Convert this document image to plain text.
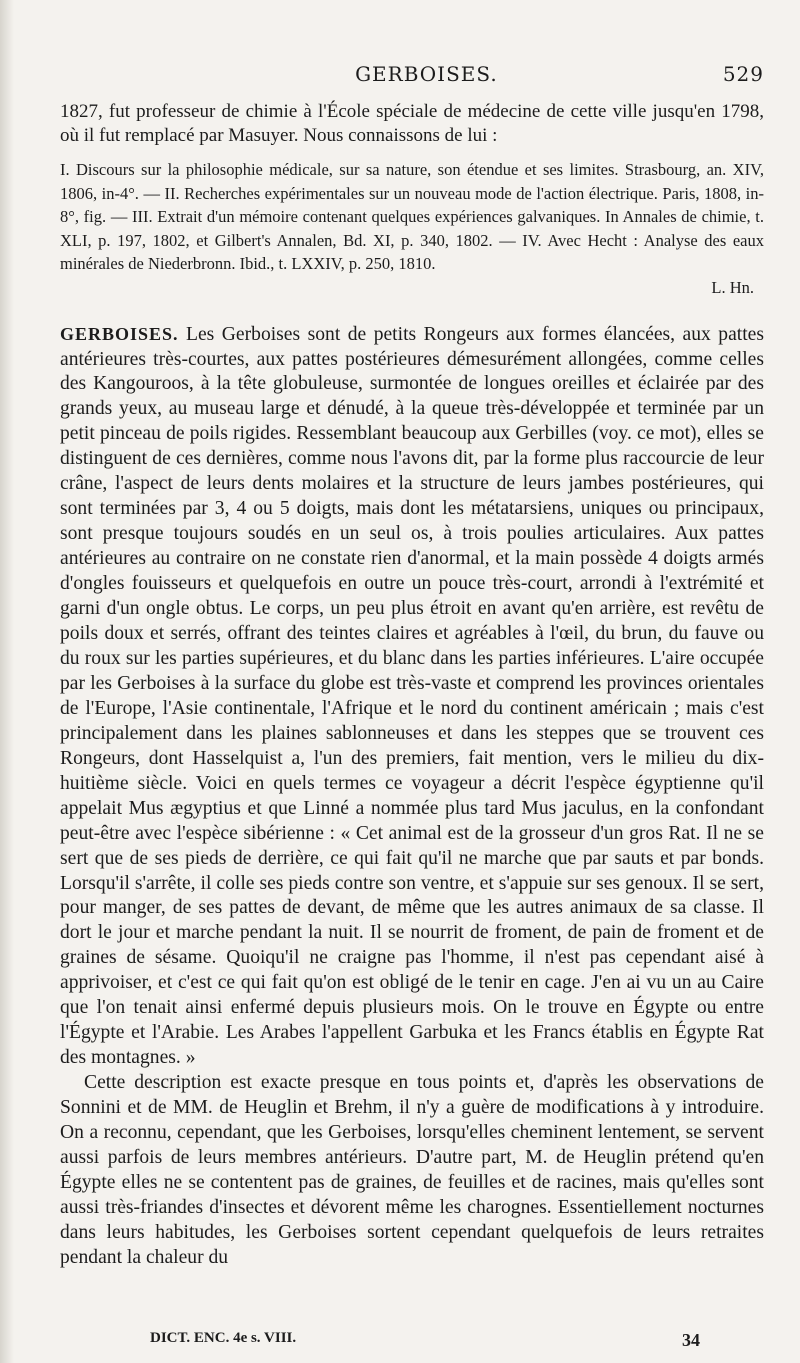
GERBOISES.	529

1827, fut professeur de chimie à l'École spéciale de médecine de cette ville jusqu'en 1798, où il fut remplacé par Masuyer. Nous connaissons de lui :

I. Discours sur la philosophie médicale, sur sa nature, son étendue et ses limites. Strasbourg, an. XIV, 1806, in-4°. — II. Recherches expérimentales sur un nouveau mode de l'action électrique. Paris, 1808, in-8°, fig. — III. Extrait d'un mémoire contenant quelques expériences galvaniques. In Annales de chimie, t. XLI, p. 197, 1802, et Gilbert's Annalen, Bd. XI, p. 340, 1802. — IV. Avec Hecht : Analyse des eaux minérales de Niederbronn. Ibid., t. LXXIV, p. 250, 1810.

L. Hn.

GERBOISES. Les Gerboises sont de petits Rongeurs aux formes élancées, aux pattes antérieures très-courtes, aux pattes postérieures démesurément allongées, comme celles des Kangouroos, à la tête globuleuse, surmontée de longues oreilles et éclairée par des grands yeux, au museau large et dénudé, à la queue très-développée et terminée par un petit pinceau de poils rigides. Ressemblant beaucoup aux Gerbilles (voy. ce mot), elles se distinguent de ces dernières, comme nous l'avons dit, par la forme plus raccourcie de leur crâne, l'aspect de leurs dents molaires et la structure de leurs jambes postérieures, qui sont terminées par 3, 4 ou 5 doigts, mais dont les métatarsiens, uniques ou principaux, sont presque toujours soudés en un seul os, à trois poulies articulaires. Aux pattes antérieures au contraire on ne constate rien d'anormal, et la main possède 4 doigts armés d'ongles fouisseurs et quelquefois en outre un pouce très-court, arrondi à l'extrémité et garni d'un ongle obtus. Le corps, un peu plus étroit en avant qu'en arrière, est revêtu de poils doux et serrés, offrant des teintes claires et agréables à l'œil, du brun, du fauve ou du roux sur les parties supérieures, et du blanc dans les parties inférieures. L'aire occupée par les Gerboises à la surface du globe est très-vaste et comprend les provinces orientales de l'Europe, l'Asie continentale, l'Afrique et le nord du continent américain ; mais c'est principalement dans les plaines sablonneuses et dans les steppes que se trouvent ces Rongeurs, dont Hasselquist a, l'un des premiers, fait mention, vers le milieu du dix-huitième siècle. Voici en quels termes ce voyageur a décrit l'espèce égyptienne qu'il appelait Mus ægyptius et que Linné a nommée plus tard Mus jaculus, en la confondant peut-être avec l'espèce sibérienne : « Cet animal est de la grosseur d'un gros Rat. Il ne se sert que de ses pieds de derrière, ce qui fait qu'il ne marche que par sauts et par bonds. Lorsqu'il s'arrête, il colle ses pieds contre son ventre, et s'appuie sur ses genoux. Il se sert, pour manger, de ses pattes de devant, de même que les autres animaux de sa classe. Il dort le jour et marche pendant la nuit. Il se nourrit de froment, de pain de froment et de graines de sésame. Quoiqu'il ne craigne pas l'homme, il n'est pas cependant aisé à apprivoiser, et c'est ce qui fait qu'on est obligé de le tenir en cage. J'en ai vu un au Caire que l'on tenait ainsi enfermé depuis plusieurs mois. On le trouve en Égypte ou entre l'Égypte et l'Arabie. Les Arabes l'appellent Garbuka et les Francs établis en Égypte Rat des montagnes. »

Cette description est exacte presque en tous points et, d'après les observations de Sonnini et de MM. de Heuglin et Brehm, il n'y a guère de modifications à y introduire. On a reconnu, cependant, que les Gerboises, lorsqu'elles cheminent lentement, se servent aussi parfois de leurs membres antérieurs. D'autre part, M. de Heuglin prétend qu'en Égypte elles ne se contentent pas de graines, de feuilles et de racines, mais qu'elles sont aussi très-friandes d'insectes et dévorent même les charognes. Essentiellement nocturnes dans leurs habitudes, les Gerboises sortent cependant quelquefois de leurs retraites pendant la chaleur du

DICT. ENC. 4e s. VIII.	34
